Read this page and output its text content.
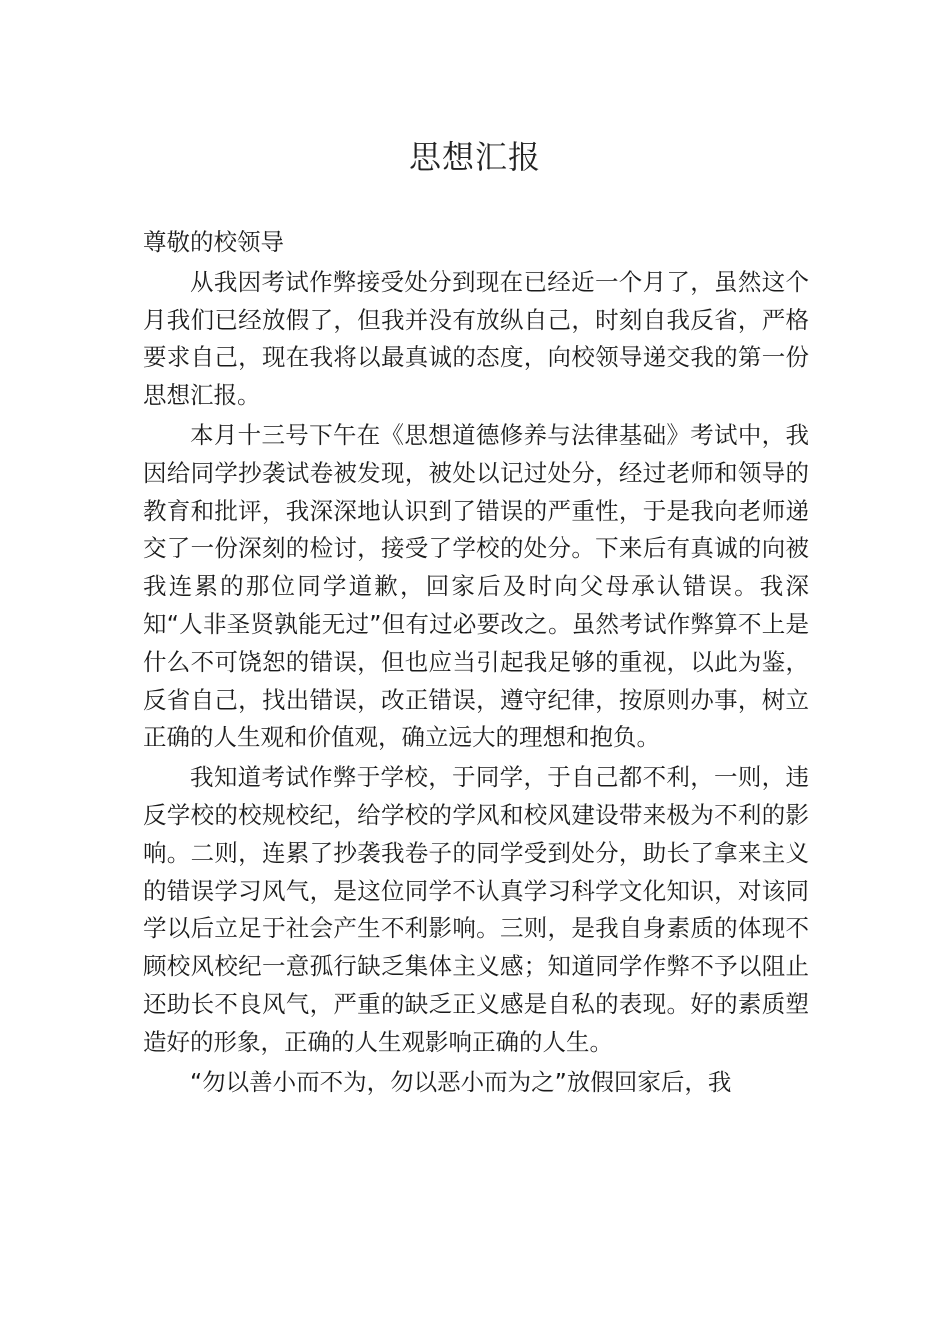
思想汇报

尊敬的校领导

从我因考试作弊接受处分到现在已经近一个月了，虽然这个月我们已经放假了，但我并没有放纵自己，时刻自我反省，严格要求自己，现在我将以最真诚的态度，向校领导递交我的第一份思想汇报。

本月十三号下午在《思想道德修养与法律基础》考试中，我因给同学抄袭试卷被发现，被处以记过处分，经过老师和领导的教育和批评，我深深地认识到了错误的严重性，于是我向老师递交了一份深刻的检讨，接受了学校的处分。下来后有真诚的向被我连累的那位同学道歉，回家后及时向父母承认错误。我深知“人非圣贤孰能无过”但有过必要改之。虽然考试作弊算不上是什么不可饶恕的错误，但也应当引起我足够的重视，以此为鉴，反省自己，找出错误，改正错误，遵守纪律，按原则办事，树立正确的人生观和价值观，确立远大的理想和抱负。

我知道考试作弊于学校，于同学，于自己都不利，一则，违反学校的校规校纪，给学校的学风和校风建设带来极为不利的影响。二则，连累了抄袭我卷子的同学受到处分，助长了拿来主义的错误学习风气，是这位同学不认真学习科学文化知识，对该同学以后立足于社会产生不利影响。三则，是我自身素质的体现不顾校风校纪一意孤行缺乏集体主义感；知道同学作弊不予以阻止还助长不良风气，严重的缺乏正义感是自私的表现。好的素质塑造好的形象，正确的人生观影响正确的人生。

“勿以善小而不为，勿以恶小而为之”放假回家后，我
